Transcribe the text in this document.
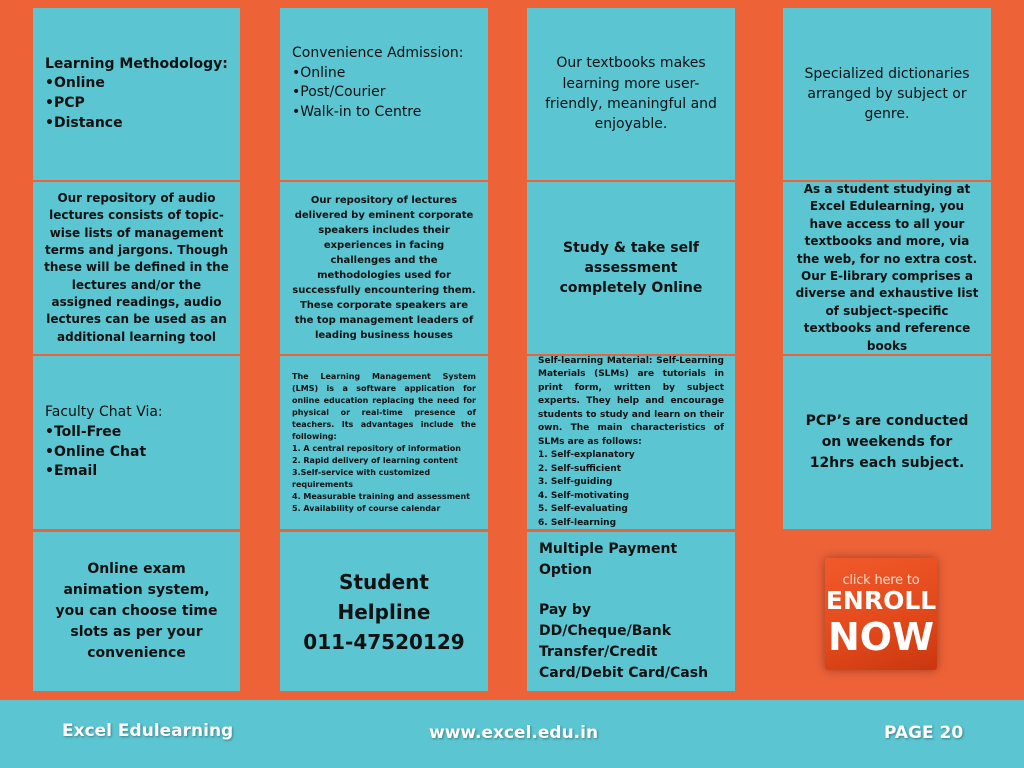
Learning Methodology:
•Online
•PCP
•Distance
Convenience Admission:
•Online
•Post/Courier
•Walk-in to Centre
Our textbooks makes learning more user-friendly, meaningful and enjoyable.
Specialized dictionaries arranged by subject or genre.
Our repository of audio lectures consists of topic-wise lists of management terms and jargons. Though these will be defined in the lectures and/or the assigned readings, audio lectures can be used as an additional learning tool
Our repository of lectures delivered by eminent corporate speakers includes their experiences in facing challenges and the methodologies used for successfully encountering them. These corporate speakers are the top management leaders of leading business houses
Study & take self assessment completely Online
As a student studying at Excel Edulearning, you have access to all your textbooks and more, via the web, for no extra cost. Our E-library comprises a diverse and exhaustive list of subject-specific textbooks and reference books
Faculty Chat Via:
•Toll-Free
•Online Chat
•Email
The Learning Management System (LMS) is a software application for online education replacing the need for physical or real-time presence of teachers. Its advantages include the following:
1. A central repository of information
2. Rapid delivery of learning content
3.Self-service with customized requirements
4. Measurable training and assessment
5. Availability of course calendar
Self-learning Material: Self-Learning Materials (SLMs) are tutorials in print form, written by subject experts. They help and encourage students to study and learn on their own. The main characteristics of SLMs are as follows:
1. Self-explanatory
2. Self-sufficient
3. Self-guiding
4. Self-motivating
5. Self-evaluating
6. Self-learning
PCP’s are conducted on weekends for 12hrs each subject.
Online exam animation system, you can choose time slots as per your convenience
Student Helpline
011-47520129
Multiple Payment Option
Pay by DD/Cheque/Bank Transfer/Credit Card/Debit Card/Cash
click here to
ENROLL
NOW
Excel Edulearning	www.excel.edu.in	PAGE 20
